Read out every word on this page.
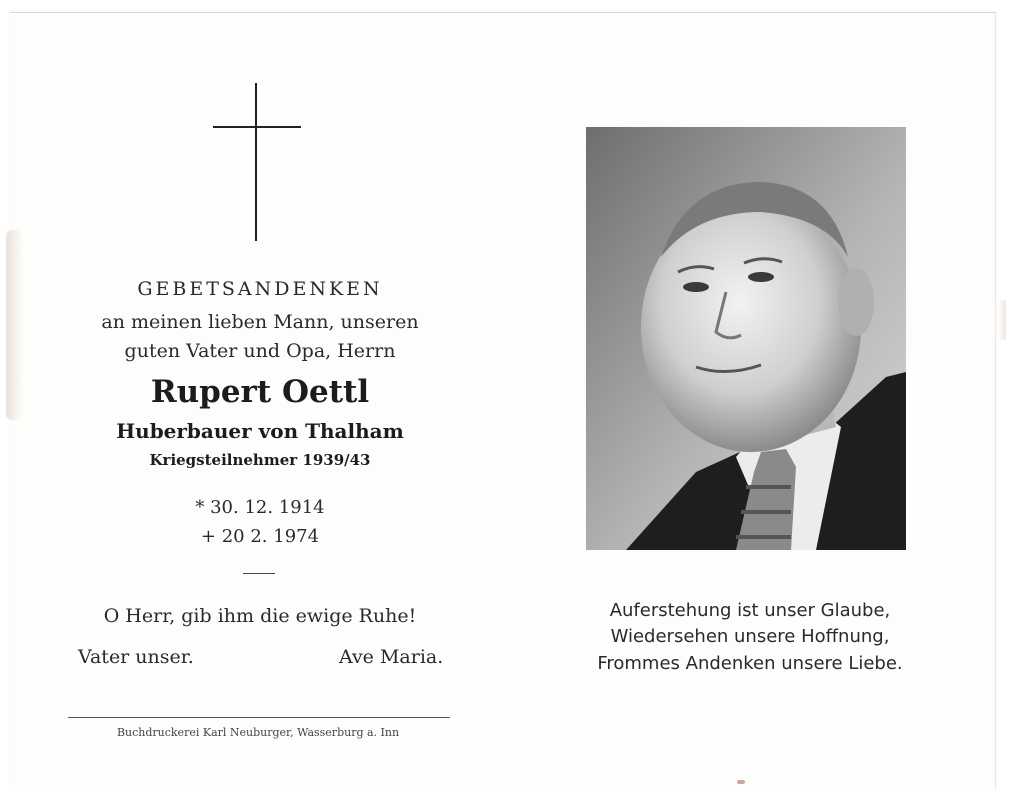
GEBETSANDENKEN
an meinen lieben Mann, unseren
guten Vater und Opa, Herrn
Rupert Oettl
Huberbauer von Thalham
Kriegsteilnehmer 1939/43
* 30. 12. 1914
+ 20 2. 1974
O Herr, gib ihm die ewige Ruhe!
Vater unser.	Ave Maria.
Buchdruckerei Karl Neuburger, Wasserburg a. Inn
Auferstehung ist unser Glaube,
Wiedersehen unsere Hoffnung,
Frommes Andenken unsere Liebe.
